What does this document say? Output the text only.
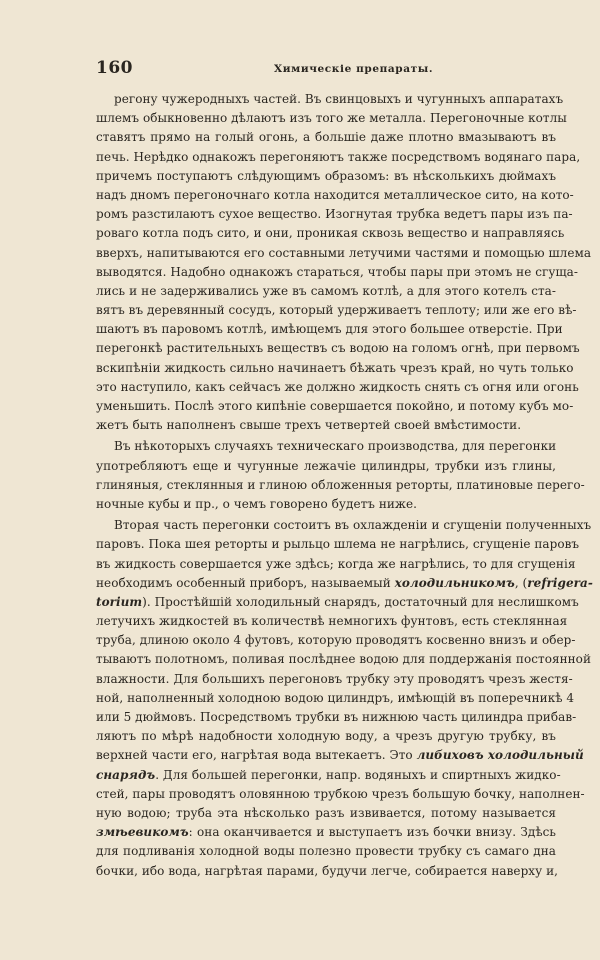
160	Химическіе препараты.
регону чужеродныхъ частей. Въ свинцовыхъ и чугунныхъ аппаратахъ
шлемъ обыкновенно дѣлаютъ изъ того же металла. Перегоночные котлы
ставятъ прямо на голый огонь, а большіе даже плотно вмазываютъ въ
печь. Нерѣдко однакожъ перегоняютъ также посредствомъ водянаго пара,
причемъ поступаютъ слѣдующимъ образомъ: въ нѣсколькихъ дюймахъ
надъ дномъ перегоночнаго котла находится металлическое сито, на кото-
ромъ разстилаютъ сухое вещество. Изогнутая трубка ведетъ пары изъ па-
роваго котла подъ сито, и они, проникая сквозь вещество и направляясь
вверхъ, напитываются его составными летучими частями и помощью шлема
выводятся. Надобно однакожъ стараться, чтобы пары при этомъ не сгуща-
лись и не задерживались уже въ самомъ котлѣ, а для этого котелъ ста-
вятъ въ деревянный сосудъ, который удерживаетъ теплоту; или же его вѣ-
шаютъ въ паровомъ котлѣ, имѣющемъ для этого большее отверстіе. При
перегонкѣ растительныхъ веществъ съ водою на голомъ огнѣ, при первомъ
вскипѣніи жидкость сильно начинаетъ бѣжать чрезъ край, но чуть только
это наступило, какъ сейчасъ же должно жидкость снять съ огня или огонь
уменьшить. Послѣ этого кипѣніе совершается покойно, и потому кубъ мо-
жетъ быть наполненъ свыше трехъ четвертей своей вмѣстимости.
Въ нѣкоторыхъ случаяхъ техническаго производства, для перегонки
употребляютъ еще и чугунные лежачіе цилиндры, трубки изъ глины,
глиняныя, стеклянныя и глиною обложенныя реторты, платиновые перего-
ночные кубы и пр., о чемъ говорено будетъ ниже.
Вторая часть перегонки состоитъ въ охлажденіи и сгущеніи полученныхъ
паровъ. Пока шея реторты и рыльцо шлема не нагрѣлись, сгущеніе паровъ
въ жидкость совершается уже здѣсь; когда же нагрѣлись, то для сгущенія
необходимъ особенный приборъ, называемый холодильникомъ, (refrigera-
torium). Простѣйшій холодильный снарядъ, достаточный для неслишкомъ
летучихъ жидкостей въ количествѣ немногихъ фунтовъ, есть стеклянная
труба, длиною около 4 футовъ, которую проводятъ косвенно внизъ и обер-
тываютъ полотномъ, поливая послѣднее водою для поддержанія постоянной
влажности. Для большихъ перегоновъ трубку эту проводятъ чрезъ жестя-
ной, наполненный холодною водою цилиндръ, имѣющій въ поперечникѣ 4
или 5 дюймовъ. Посредствомъ трубки въ нижнюю часть цилиндра прибав-
ляютъ по мѣрѣ надобности холодную воду, а чрезъ другую трубку, въ
верхней части его, нагрѣтая вода вытекаетъ. Это либиховъ холодильный
снарядъ. Для большей перегонки, напр. водяныхъ и спиртныхъ жидко-
стей, пары проводятъ оловянною трубкою чрезъ большую бочку, наполнен-
ную водою; труба эта нѣсколько разъ извивается, потому называется
змѣевикомъ: она оканчивается и выступаетъ изъ бочки внизу. Здѣсь
для подливанія холодной воды полезно провести трубку съ самаго дна
бочки, ибо вода, нагрѣтая парами, будучи легче, собирается наверху и,
